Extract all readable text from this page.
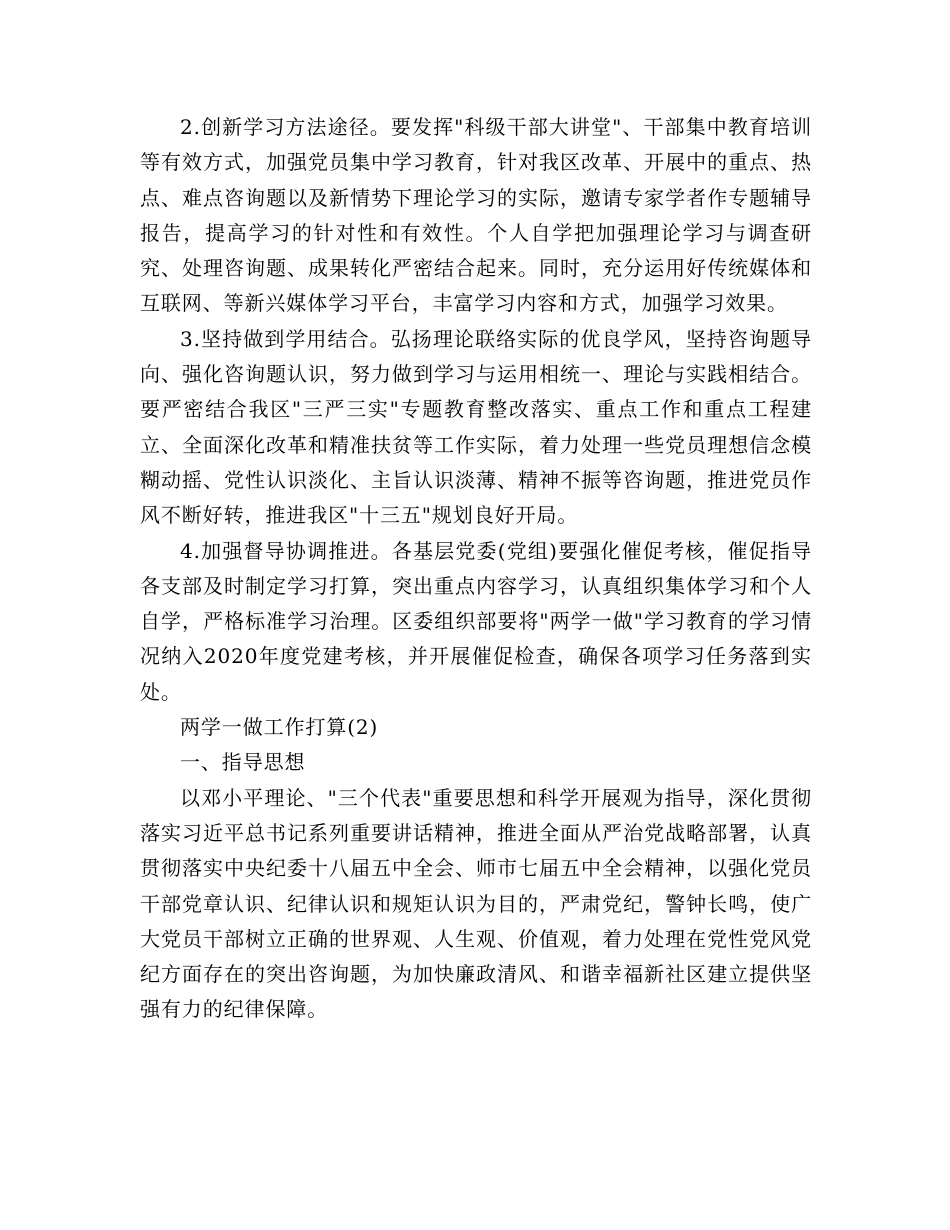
2.创新学习方法途径。要发挥"科级干部大讲堂"、干部集中教育培训等有效方式，加强党员集中学习教育，针对我区改革、开展中的重点、热点、难点咨询题以及新情势下理论学习的实际，邀请专家学者作专题辅导报告，提高学习的针对性和有效性。个人自学把加强理论学习与调查研究、处理咨询题、成果转化严密结合起来。同时，充分运用好传统媒体和互联网、等新兴媒体学习平台，丰富学习内容和方式，加强学习效果。

3.坚持做到学用结合。弘扬理论联络实际的优良学风，坚持咨询题导向、强化咨询题认识，努力做到学习与运用相统一、理论与实践相结合。要严密结合我区"三严三实"专题教育整改落实、重点工作和重点工程建立、全面深化改革和精准扶贫等工作实际，着力处理一些党员理想信念模糊动摇、党性认识淡化、主旨认识淡薄、精神不振等咨询题，推进党员作风不断好转，推进我区"十三五"规划良好开局。

4.加强督导协调推进。各基层党委(党组)要强化催促考核，催促指导各支部及时制定学习打算，突出重点内容学习，认真组织集体学习和个人自学，严格标准学习治理。区委组织部要将"两学一做"学习教育的学习情况纳入2020年度党建考核，并开展催促检查，确保各项学习任务落到实处。

两学一做工作打算(2)

一、指导思想

以邓小平理论、"三个代表"重要思想和科学开展观为指导，深化贯彻落实习近平总书记系列重要讲话精神，推进全面从严治党战略部署，认真贯彻落实中央纪委十八届五中全会、师市七届五中全会精神，以强化党员干部党章认识、纪律认识和规矩认识为目的，严肃党纪，警钟长鸣，使广大党员干部树立正确的世界观、人生观、价值观，着力处理在党性党风党纪方面存在的突出咨询题，为加快廉政清风、和谐幸福新社区建立提供坚强有力的纪律保障。
